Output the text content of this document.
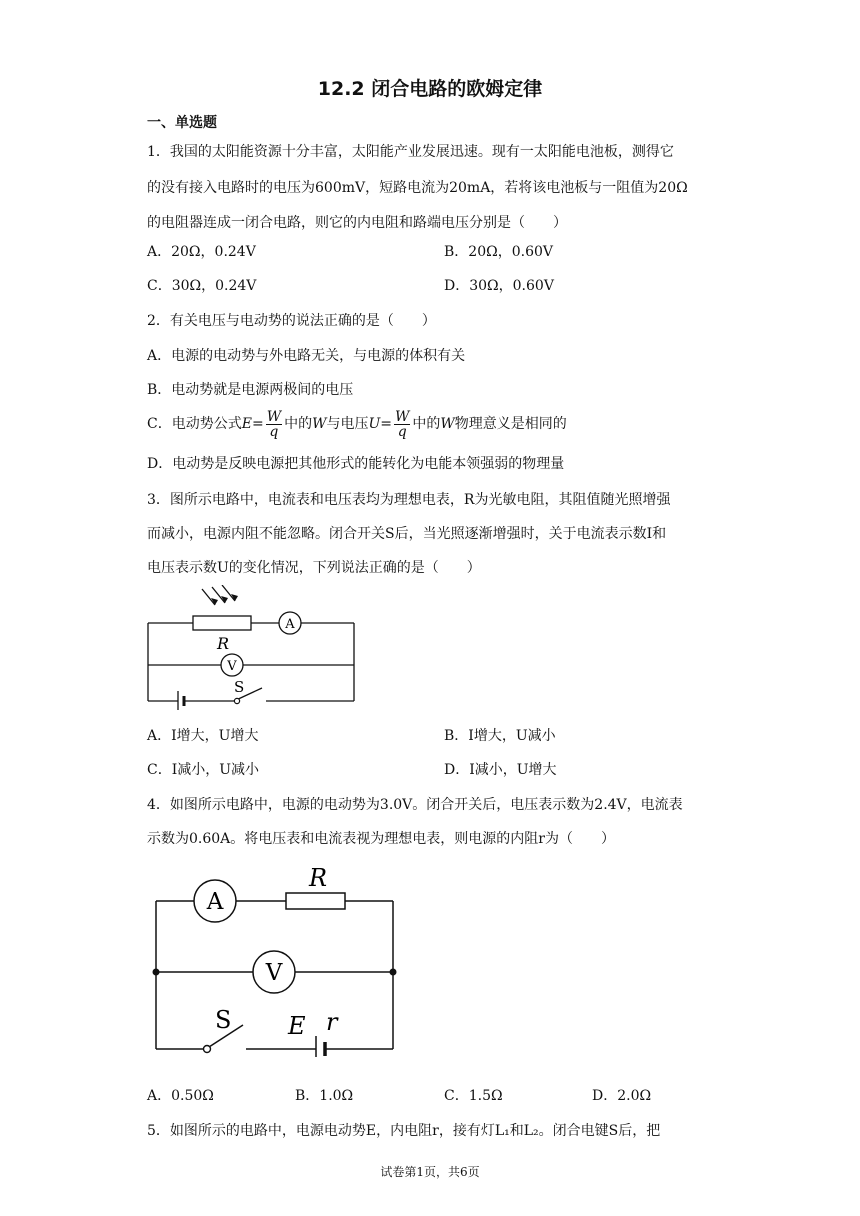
12.2 闭合电路的欧姆定律
一、单选题
1．我国的太阳能资源十分丰富，太阳能产业发展迅速。现有一太阳能电池板，测得它
的没有接入电路时的电压为600mV，短路电流为20mA，若将该电池板与一阻值为20Ω
的电阻器连成一闭合电路，则它的内电阻和路端电压分别是（　　）
A．20Ω，0.24V	B．20Ω，0.60V
C．30Ω，0.24V	D．30Ω，0.60V
2．有关电压与电动势的说法正确的是（　　）
A．电源的电动势与外电路无关，与电源的体积有关
B．电动势就是电源两极间的电压
C．电动势公式$E= \frac{W}{q}$ 中的W与电压$U= \frac{W}{q}$ 中的W物理意义是相同的
D．电动势是反映电源把其他形式的能转化为电能本领强弱的物理量
3．图所示电路中，电流表和电压表均为理想电表，R为光敏电阻，其阻值随光照增强
而减小，电源内阻不能忽略。闭合开关S后，当光照逐渐增强时，关于电流表示数I和
电压表示数U的变化情况，下列说法正确的是（　　）
R
A
V
S
A．I增大，U增大	B．I增大，U减小
C．I减小，U减小	D．I减小，U增大
4．如图所示电路中，电源的电动势为3.0V。闭合开关后，电压表示数为2.4V，电流表
示数为0.60A。将电压表和电流表视为理想电表，则电源的内阻r为（　　）
A
R
V
S E r
A．0.50Ω	B．1.0Ω	C．1.5Ω	D．2.0Ω
5．如图所示的电路中，电源电动势E，内电阻r，接有灯L₁和L₂。闭合电键S后，把
试卷第1页，共6页
